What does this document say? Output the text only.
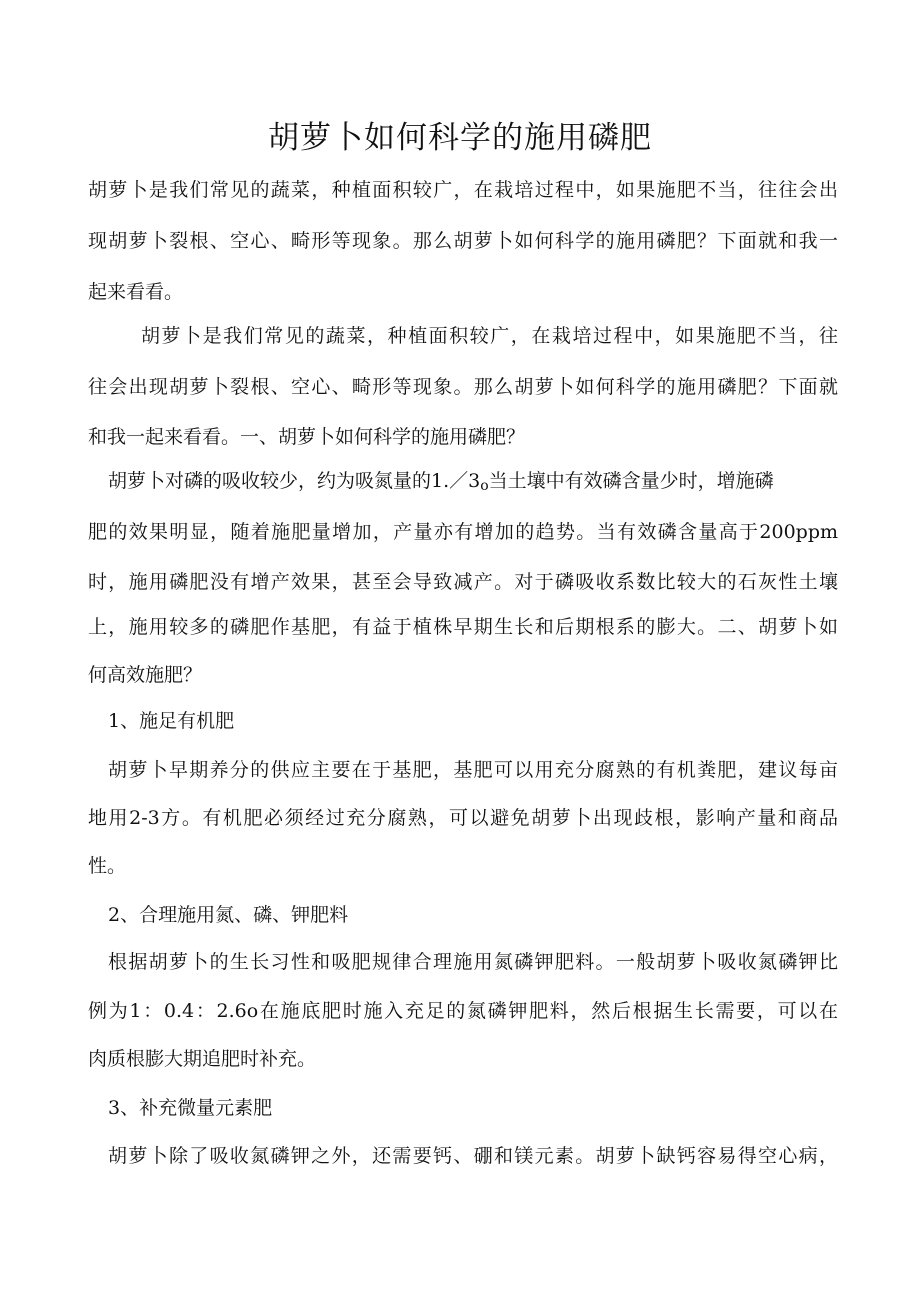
胡萝卜如何科学的施用磷肥

胡萝卜是我们常见的蔬菜，种植面积较广，在栽培过程中，如果施肥不当，往往会出

现胡萝卜裂根、空心、畸形等现象。那么胡萝卜如何科学的施用磷肥？下面就和我一

起来看看。

胡萝卜是我们常见的蔬菜，种植面积较广，在栽培过程中，如果施肥不当，往

往会出现胡萝卜裂根、空心、畸形等现象。那么胡萝卜如何科学的施用磷肥？下面就

和我一起来看看。一、胡萝卜如何科学的施用磷肥？

胡萝卜对磷的吸收较少，约为吸氮量的$1./3_o$当土壤中有效磷含量少时，增施磷

肥的效果明显，随着施肥量增加，产量亦有增加的趋势。当有效磷含量高于200ppm

时，施用磷肥没有增产效果，甚至会导致减产。对于磷吸收系数比较大的石灰性土壤

上，施用较多的磷肥作基肥，有益于植株早期生长和后期根系的膨大。二、胡萝卜如

何高效施肥？

1、施足有机肥

胡萝卜早期养分的供应主要在于基肥，基肥可以用充分腐熟的有机粪肥，建议每亩

地用2-3方。有机肥必须经过充分腐熟，可以避免胡萝卜出现歧根，影响产量和商品

性。

2、合理施用氮、磷、钾肥料

根据胡萝卜的生长习性和吸肥规律合理施用氮磷钾肥料。一般胡萝卜吸收氮磷钾比

例为1：0.4：2.6o在施底肥时施入充足的氮磷钾肥料，然后根据生长需要，可以在

肉质根膨大期追肥时补充。

3、补充微量元素肥

胡萝卜除了吸收氮磷钾之外，还需要钙、硼和镁元素。胡萝卜缺钙容易得空心病，
